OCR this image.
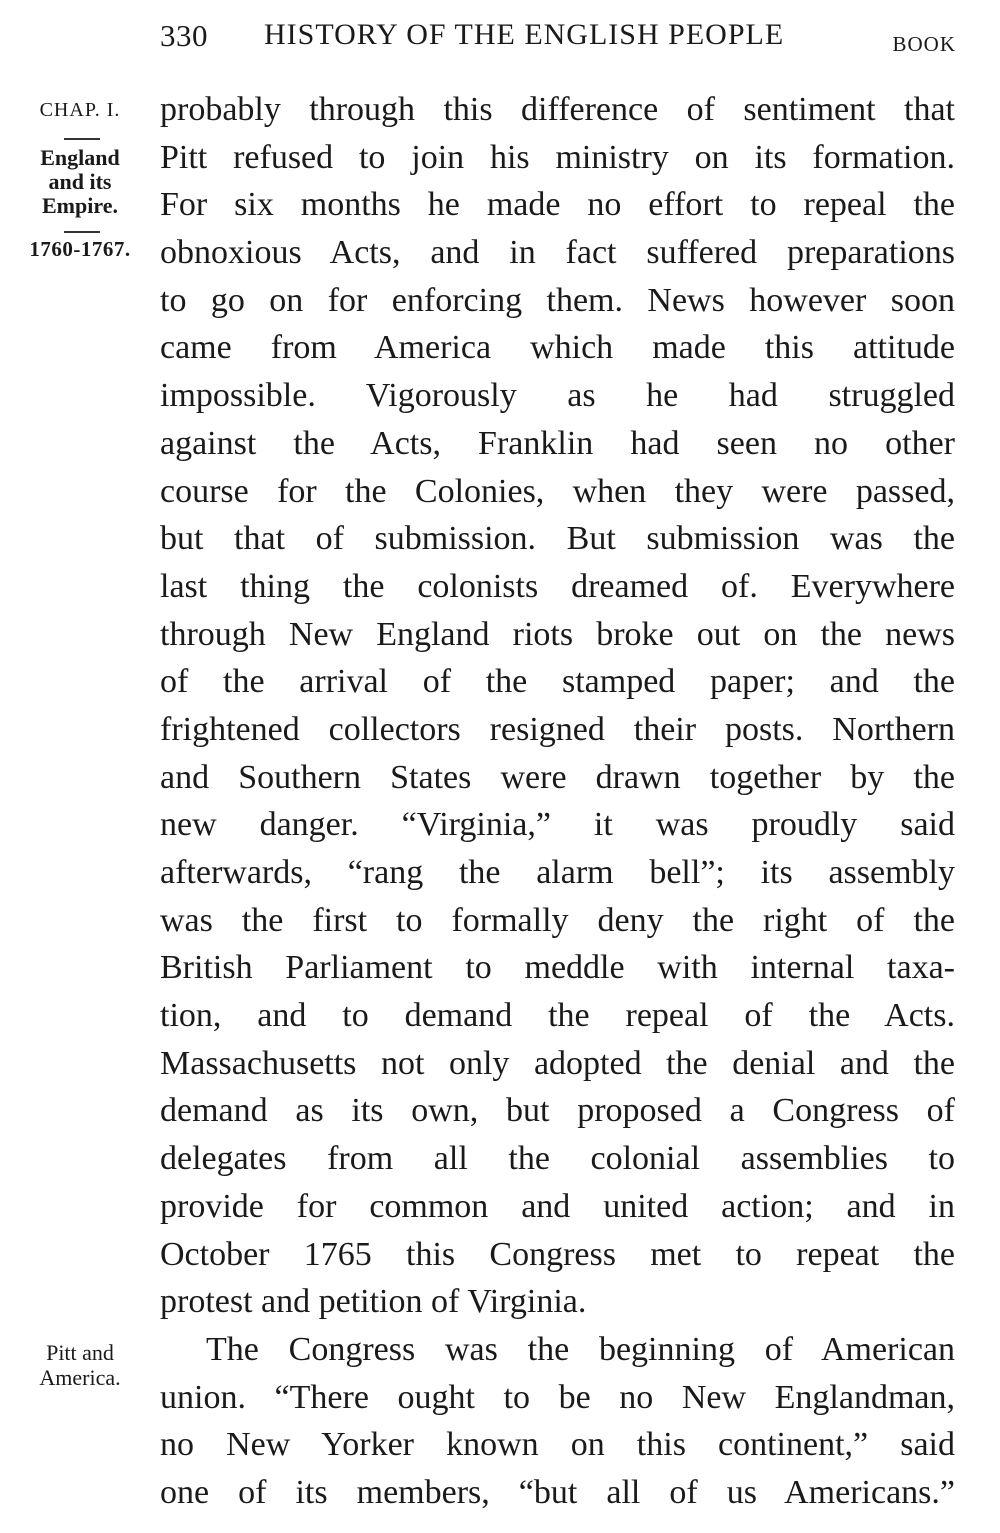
330 HISTORY OF THE ENGLISH PEOPLE	BOOK
CHAP. I.
England
and its
Empire.
1760-1767.
Pitt and
America.
probably through this difference of sentiment that
Pitt refused to join his ministry on its formation.
For six months he made no effort to repeal the
obnoxious Acts, and in fact suffered preparations
to go on for enforcing them. News however soon
came from America which made this attitude
impossible. Vigorously as he had struggled
against the Acts, Franklin had seen no other
course for the Colonies, when they were passed,
but that of submission. But submission was the
last thing the colonists dreamed of. Everywhere
through New England riots broke out on the news
of the arrival of the stamped paper; and the
frightened collectors resigned their posts. Northern
and Southern States were drawn together by the
new danger. “Virginia,” it was proudly said
afterwards, “rang the alarm bell”; its assembly
was the first to formally deny the right of the
British Parliament to meddle with internal taxa-
tion, and to demand the repeal of the Acts.
Massachusetts not only adopted the denial and the
demand as its own, but proposed a Congress of
delegates from all the colonial assemblies to
provide for common and united action; and in
October 1765 this Congress met to repeat the
protest and petition of Virginia.
The Congress was the beginning of American
union. “There ought to be no New Englandman,
no New Yorker known on this continent,” said
one of its members, “but all of us Americans.”
